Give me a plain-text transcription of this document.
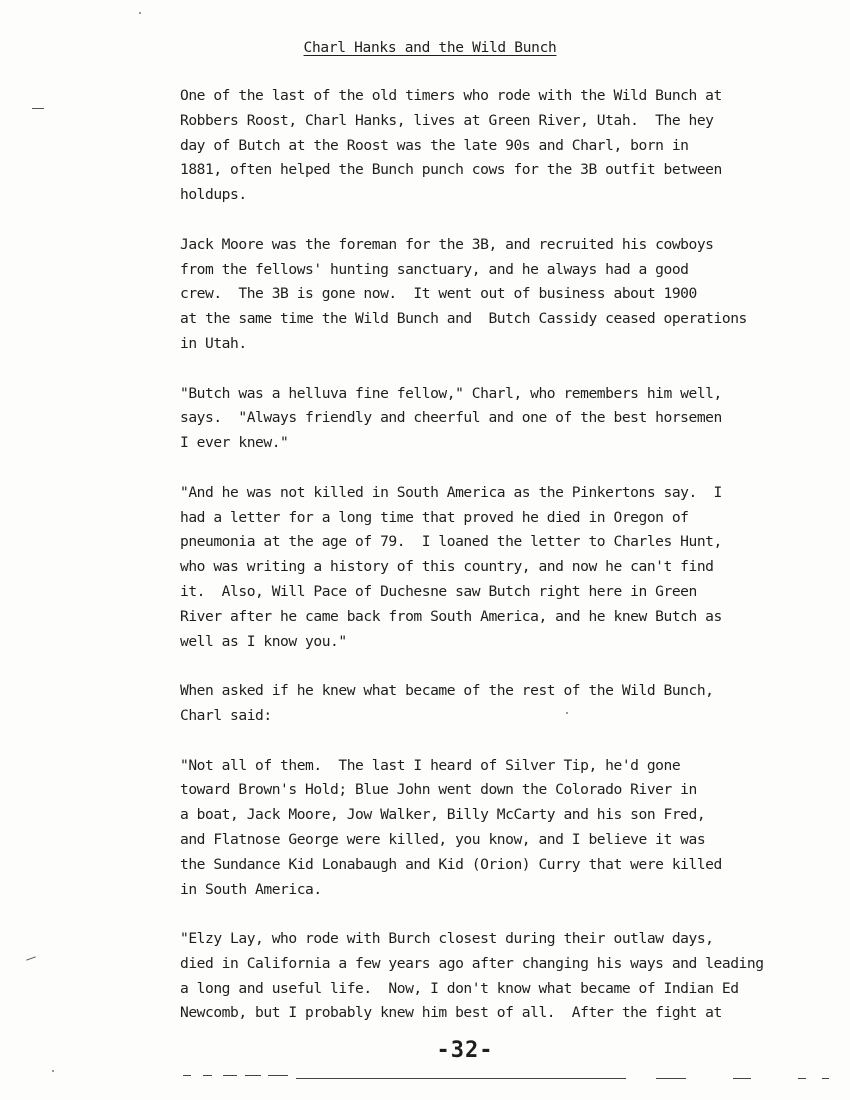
Charl Hanks and the Wild Bunch
One of the last of the old timers who rode with the Wild Bunch at
Robbers Roost, Charl Hanks, lives at Green River, Utah.  The hey
day of Butch at the Roost was the late 90s and Charl, born in
1881, often helped the Bunch punch cows for the 3B outfit between
holdups.
Jack Moore was the foreman for the 3B, and recruited his cowboys
from the fellows' hunting sanctuary, and he always had a good
crew.  The 3B is gone now.  It went out of business about 1900
at the same time the Wild Bunch and  Butch Cassidy ceased operations
in Utah.
"Butch was a helluva fine fellow," Charl, who remembers him well,
says.  "Always friendly and cheerful and one of the best horsemen
I ever knew."
"And he was not killed in South America as the Pinkertons say.  I
had a letter for a long time that proved he died in Oregon of
pneumonia at the age of 79.  I loaned the letter to Charles Hunt,
who was writing a history of this country, and now he can't find
it.  Also, Will Pace of Duchesne saw Butch right here in Green
River after he came back from South America, and he knew Butch as
well as I know you."
When asked if he knew what became of the rest of the Wild Bunch,
Charl said:
"Not all of them.  The last I heard of Silver Tip, he'd gone
toward Brown's Hold; Blue John went down the Colorado River in
a boat, Jack Moore, Jow Walker, Billy McCarty and his son Fred,
and Flatnose George were killed, you know, and I believe it was
the Sundance Kid Lonabaugh and Kid (Orion) Curry that were killed
in South America.
"Elzy Lay, who rode with Burch closest during their outlaw days,
died in California a few years ago after changing his ways and leading
a long and useful life.  Now, I don't know what became of Indian Ed
Newcomb, but I probably knew him best of all.  After the fight at
-32-
